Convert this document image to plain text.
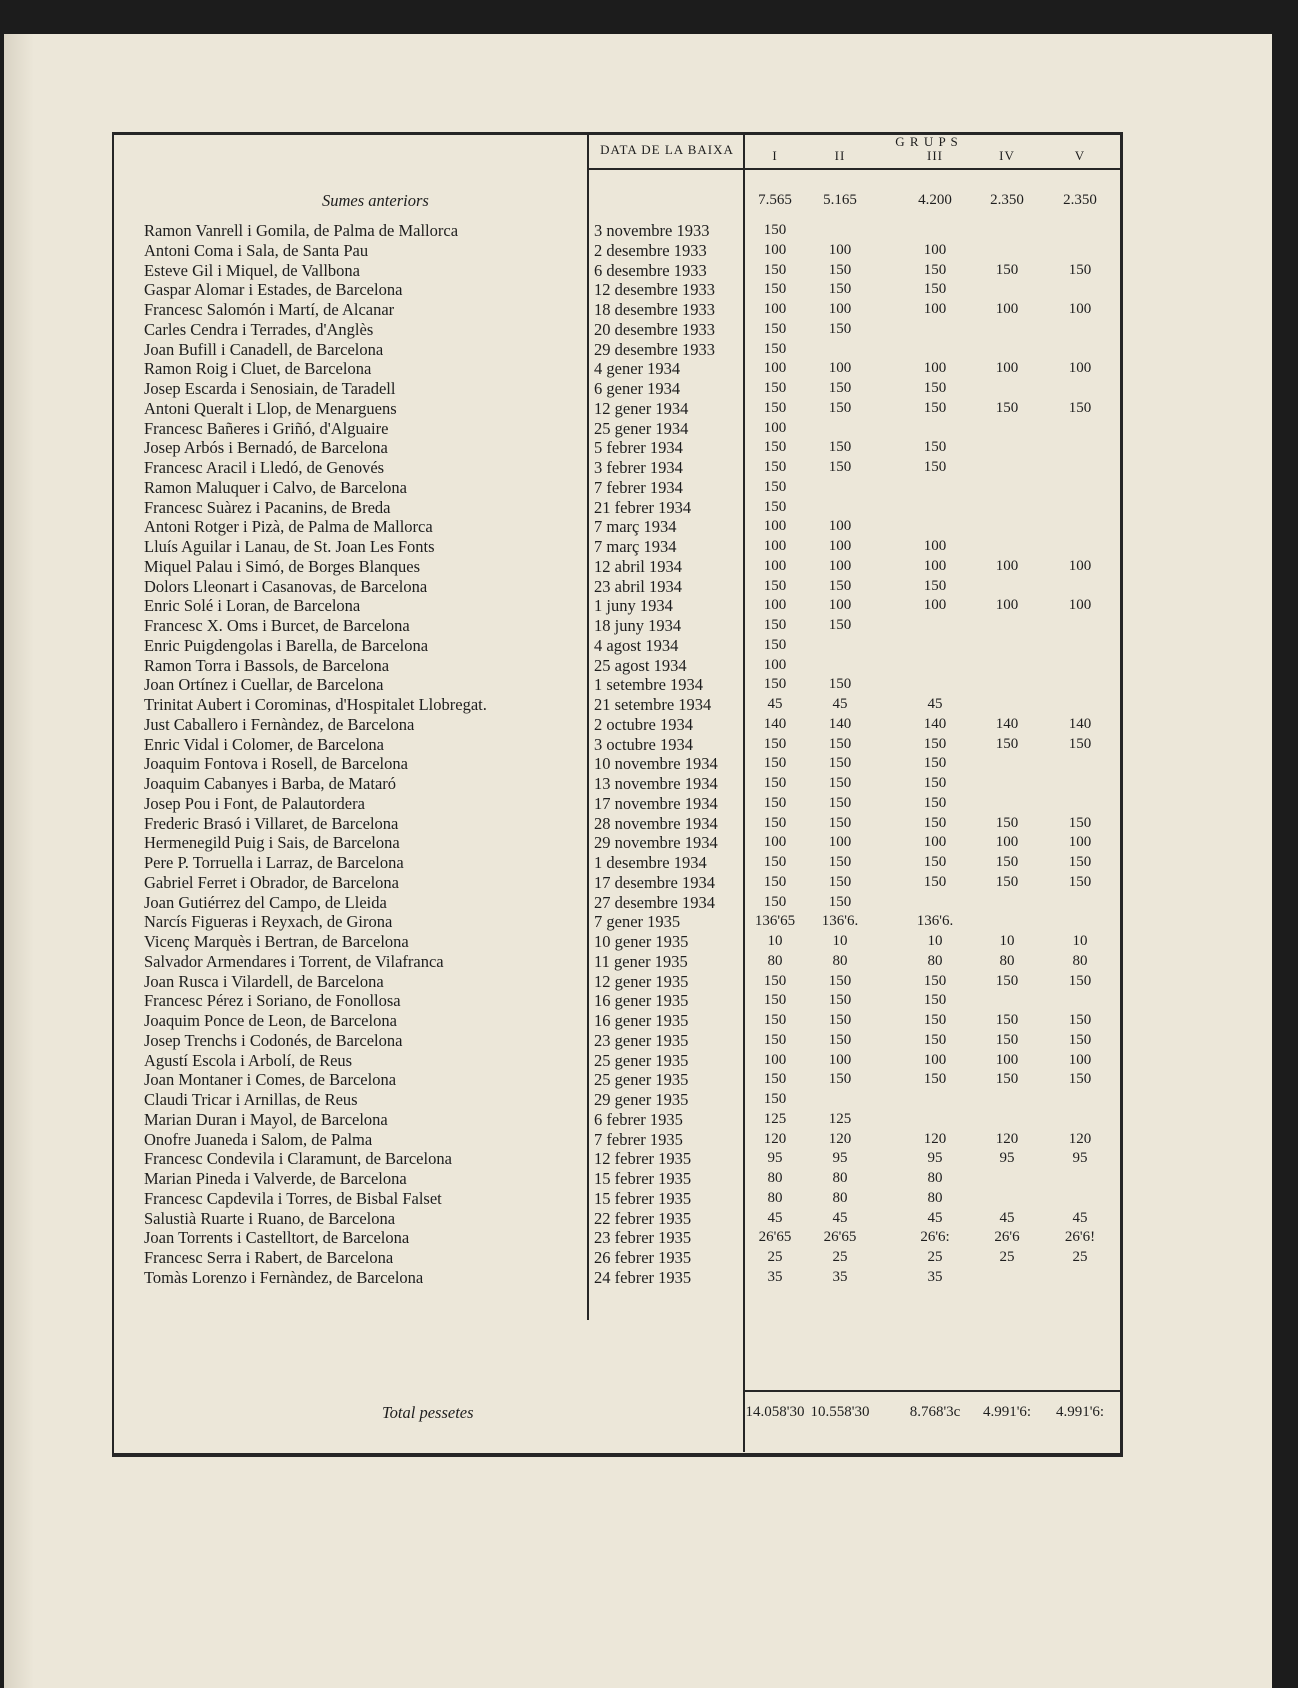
DATA DE LA BAIXA
G R U P S
I	II	III	IV	V
Sumes anteriors	7.565	5.165	4.200	2.350	2.350
Ramon Vanrell i Gomila, de Palma de Mallorca	3 novembre 1933	150
Antoni Coma i Sala, de Santa Pau	2 desembre 1933	100	100	100
Esteve Gil i Miquel, de Vallbona	6 desembre 1933	150	150	150	150	150
Gaspar Alomar i Estades, de Barcelona	12 desembre 1933	150	150	150
Francesc Salomón i Martí, de Alcanar	18 desembre 1933	100	100	100	100	100
Carles Cendra i Terrades, d'Anglès	20 desembre 1933	150	150
Joan Bufill i Canadell, de Barcelona	29 desembre 1933	150
Ramon Roig i Cluet, de Barcelona	4 gener 1934	100	100	100	100	100
Josep Escarda i Senosiain, de Taradell	6 gener 1934	150	150	150
Antoni Queralt i Llop, de Menarguens	12 gener 1934	150	150	150	150	150
Francesc Bañeres i Griñó, d'Alguaire	25 gener 1934	100
Josep Arbós i Bernadó, de Barcelona	5 febrer 1934	150	150	150
Francesc Aracil i Lledó, de Genovés	3 febrer 1934	150	150	150
Ramon Maluquer i Calvo, de Barcelona	7 febrer 1934	150
Francesc Suàrez i Pacanins, de Breda	21 febrer 1934	150
Antoni Rotger i Pizà, de Palma de Mallorca	7 març 1934	100	100
Lluís Aguilar i Lanau, de St. Joan Les Fonts	7 març 1934	100	100	100
Miquel Palau i Simó, de Borges Blanques	12 abril 1934	100	100	100	100	100
Dolors Lleonart i Casanovas, de Barcelona	23 abril 1934	150	150	150
Enric Solé i Loran, de Barcelona	1 juny 1934	100	100	100	100	100
Francesc X. Oms i Burcet, de Barcelona	18 juny 1934	150	150
Enric Puigdengolas i Barella, de Barcelona	4 agost 1934	150
Ramon Torra i Bassols, de Barcelona	25 agost 1934	100
Joan Ortínez i Cuellar, de Barcelona	1 setembre 1934	150	150
Trinitat Aubert i Corominas, d'Hospitalet Llobregat.	21 setembre 1934	45	45	45
Just Caballero i Fernàndez, de Barcelona	2 octubre 1934	140	140	140	140	140
Enric Vidal i Colomer, de Barcelona	3 octubre 1934	150	150	150	150	150
Joaquim Fontova i Rosell, de Barcelona	10 novembre 1934	150	150	150
Joaquim Cabanyes i Barba, de Mataró	13 novembre 1934	150	150	150
Josep Pou i Font, de Palautordera	17 novembre 1934	150	150	150
Frederic Brasó i Villaret, de Barcelona	28 novembre 1934	150	150	150	150	150
Hermenegild Puig i Sais, de Barcelona	29 novembre 1934	100	100	100	100	100
Pere P. Torruella i Larraz, de Barcelona	1 desembre 1934	150	150	150	150	150
Gabriel Ferret i Obrador, de Barcelona	17 desembre 1934	150	150	150	150	150
Joan Gutiérrez del Campo, de Lleida	27 desembre 1934	150	150
Narcís Figueras i Reyxach, de Girona	7 gener 1935	136'65	136'6.	136'6.
Vicenç Marquès i Bertran, de Barcelona	10 gener 1935	10	10	10	10	10
Salvador Armendares i Torrent, de Vilafranca	11 gener 1935	80	80	80	80	80
Joan Rusca i Vilardell, de Barcelona	12 gener 1935	150	150	150	150	150
Francesc Pérez i Soriano, de Fonollosa	16 gener 1935	150	150	150
Joaquim Ponce de Leon, de Barcelona	16 gener 1935	150	150	150	150	150
Josep Trenchs i Codonés, de Barcelona	23 gener 1935	150	150	150	150	150
Agustí Escola i Arbolí, de Reus	25 gener 1935	100	100	100	100	100
Joan Montaner i Comes, de Barcelona	25 gener 1935	150	150	150	150	150
Claudi Tricar i Arnillas, de Reus	29 gener 1935	150
Marian Duran i Mayol, de Barcelona	6 febrer 1935	125	125
Onofre Juaneda i Salom, de Palma	7 febrer 1935	120	120	120	120	120
Francesc Condevila i Claramunt, de Barcelona	12 febrer 1935	95	95	95	95	95
Marian Pineda i Valverde, de Barcelona	15 febrer 1935	80	80	80
Francesc Capdevila i Torres, de Bisbal Falset	15 febrer 1935	80	80	80
Salustià Ruarte i Ruano, de Barcelona	22 febrer 1935	45	45	45	45	45
Joan Torrents i Castelltort, de Barcelona	23 febrer 1935	26'65	26'65	26'6:	26'6	26'6!
Francesc Serra i Rabert, de Barcelona	26 febrer 1935	25	25	25	25	25
Tomàs Lorenzo i Fernàndez, de Barcelona	24 febrer 1935	35	35	35
Total pessetes	14.058'30 10.558'30	8.768'3c	4.991'6:	4.991'6:
